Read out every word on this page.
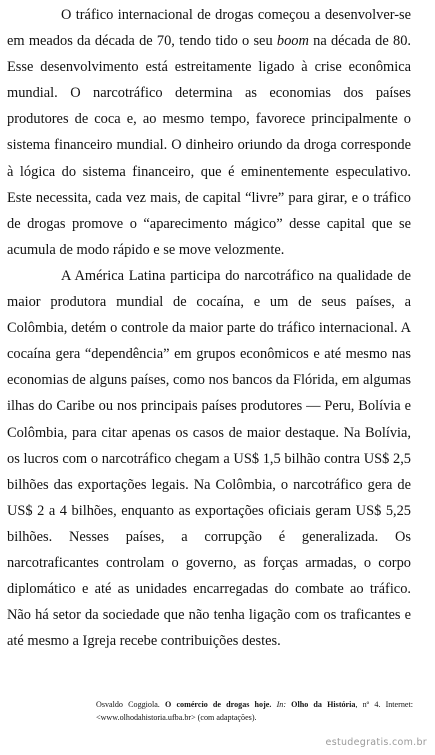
O tráfico internacional de drogas começou a desenvolver-se em meados da década de 70, tendo tido o seu boom na década de 80. Esse desenvolvimento está estreitamente ligado à crise econômica mundial. O narcotráfico determina as economias dos países produtores de coca e, ao mesmo tempo, favorece principalmente o sistema financeiro mundial. O dinheiro oriundo da droga corresponde à lógica do sistema financeiro, que é eminentemente especulativo. Este necessita, cada vez mais, de capital “livre” para girar, e o tráfico de drogas promove o “aparecimento mágico” desse capital que se acumula de modo rápido e se move velozmente.

A América Latina participa do narcotráfico na qualidade de maior produtora mundial de cocaína, e um de seus países, a Colômbia, detém o controle da maior parte do tráfico internacional. A cocaína gera “dependência” em grupos econômicos e até mesmo nas economias de alguns países, como nos bancos da Flórida, em algumas ilhas do Caribe ou nos principais países produtores — Peru, Bolívia e Colômbia, para citar apenas os casos de maior destaque. Na Bolívia, os lucros com o narcotráfico chegam a US$ 1,5 bilhão contra US$ 2,5 bilhões das exportações legais. Na Colômbia, o narcotráfico gera de US$ 2 a 4 bilhões, enquanto as exportações oficiais geram US$ 5,25 bilhões. Nesses países, a corrupção é generalizada. Os narcotraficantes controlam o governo, as forças armadas, o corpo diplomático e até as unidades encarregadas do combate ao tráfico. Não há setor da sociedade que não tenha ligação com os traficantes e até mesmo a Igreja recebe contribuições destes.

Osvaldo Coggiola. O comércio de drogas hoje. In: Olho da História, nº 4. Internet: <www.olhodahistoria.ufba.br> (com adaptações).
estudegratis.com.br
